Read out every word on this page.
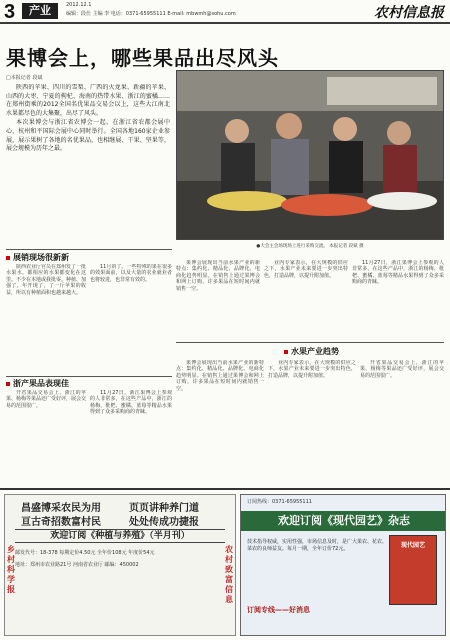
3	产业	2012.12.1
编辑：段仕 主编 李 电话：0371-65955111 E-mail: mbwmh@sohu.com	农村信息报
果博会上，哪些果品出尽风头
□本报记者 段斌

陕西的苹果、四川的雪梨、广西的火龙果、新疆的苹果、山西的大枣、宁夏的枸杞、海南的热带水果、浙江的蜜橘……在郑州街乘的2012全国名优果品交易会以上，这些大江南北水果都尽色的大集聚，出尽了风头。

本次果博会与浙江省农博会一起，在浙江省农都会展中心、杭州和平国际会展中心同时举行。全国各地160家企业参展，展示果树了各地的名优果品，也相继展、干果、坚果等，展会规模为历年之最。

●大会主会场现场上进行采购交流。 本报记者 段斌 摄
展销现场很新新

陕西农业厅官员在郑州发了一批水果水，都相应的水果都变化在这里。不少在本地或我批零。种植、加强了。年开现了，了一斤苹果的收益，所以有种植面积也越来越大。

11月的了。一些特殊的果在很多的效果面前，以及大量的农业就业者也将较进，也非常有效的。

果博会展现出当前水果产业的新特点：集约化、精品化、品牌化、电商化趋势明显。在销售上通过果博会和网上订购，许多果品在短时间内就销售一空。

业内专家表示，在大规模的供应之下，水果产业未来要进一步突出特色，打造品牌，以提升附加值。

11月27日，浙江果博会上参观的人非常多，在这些产品中，浙江的杨梅、枇杷、蜜橘、蓝莓等精品水果得到了众多采购商的青睐。

浙产果品表现佳

开省果品交易会上，浙江的苹果、杨梅等果品还广受好评，展会交易的范围很广。

11月27日，浙江果博会上参观的人非常多，在这些产品中，浙江的杨梅、枇杷、蜜橘、蓝莓等精品水果得到了众多采购商的青睐。

水果产业趋势

果博会展现出当前水果产业的新特点：集约化、精品化、品牌化、电商化趋势明显。在销售上通过果博会和网上订购，许多果品在短时间内就销售一空。

业内专家表示，在大规模的供应之下，水果产业未来要进一步突出特色，打造品牌，以提升附加值。

开省果品交易会上，浙江的苹果、杨梅等果品还广受好评，展会交易的范围很广。

昌盛博采农民为用
亘古奇招数富村民
页页讲种养门道
处处传成功捷报
欢迎订阅《种植与养殖》（半月刊）
邮发代号：18-378 每期定价4.50元 全年价108元 年度价54元
地址：郑州市农业路21号 河南省农业厅 邮编：450002
乡村科学报
农村致富信息
订阅热线：0371-65955111
欢迎订阅《现代园艺》杂志
技术指导权威，实用性强，市场信息及时，是广大果农、花农、菜农的良师益友。每月一期，全年订价72元。	现代园艺
订阅专线——好消息
